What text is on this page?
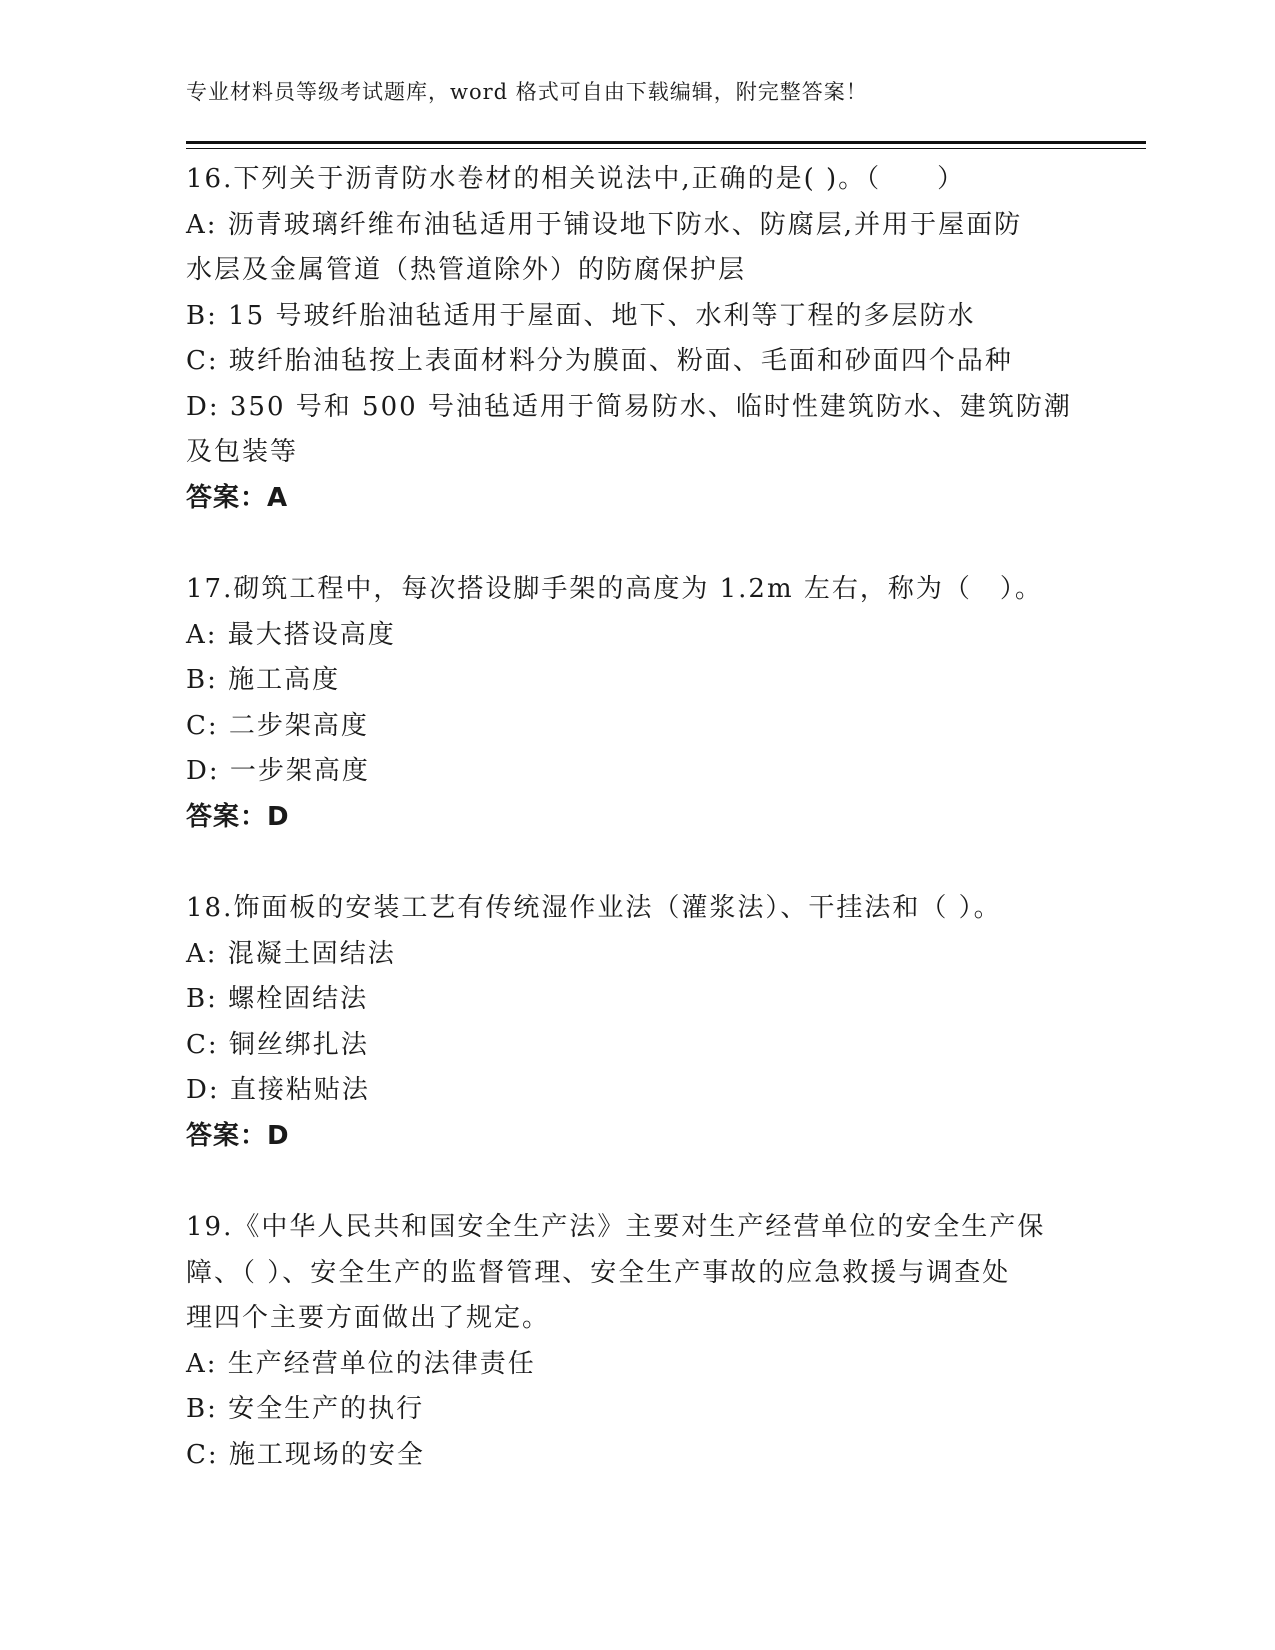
专业材料员等级考试题库，word 格式可自由下载编辑，附完整答案！
16.下列关于沥青防水卷材的相关说法中,正确的是( )。（　　）
A: 沥青玻璃纤维布油毡适用于铺设地下防水、防腐层,并用于屋面防
水层及金属管道（热管道除外）的防腐保护层
B: 15 号玻纤胎油毡适用于屋面、地下、水利等丁程的多层防水
C: 玻纤胎油毡按上表面材料分为膜面、粉面、毛面和砂面四个品种
D: 350 号和 500 号油毡适用于简易防水、临时性建筑防水、建筑防潮
及包装等
答案：A
17.砌筑工程中，每次搭设脚手架的高度为 1.2m 左右，称为（　）。
A: 最大搭设高度
B: 施工高度
C: 二步架高度
D: 一步架高度
答案：D
18.饰面板的安装工艺有传统湿作业法（灌浆法）、干挂法和（ ）。
A: 混凝土固结法
B: 螺栓固结法
C: 铜丝绑扎法
D: 直接粘贴法
答案：D
19.《中华人民共和国安全生产法》主要对生产经营单位的安全生产保
障、（ ）、安全生产的监督管理、安全生产事故的应急救援与调查处
理四个主要方面做出了规定。
A: 生产经营单位的法律责任
B: 安全生产的执行
C: 施工现场的安全
